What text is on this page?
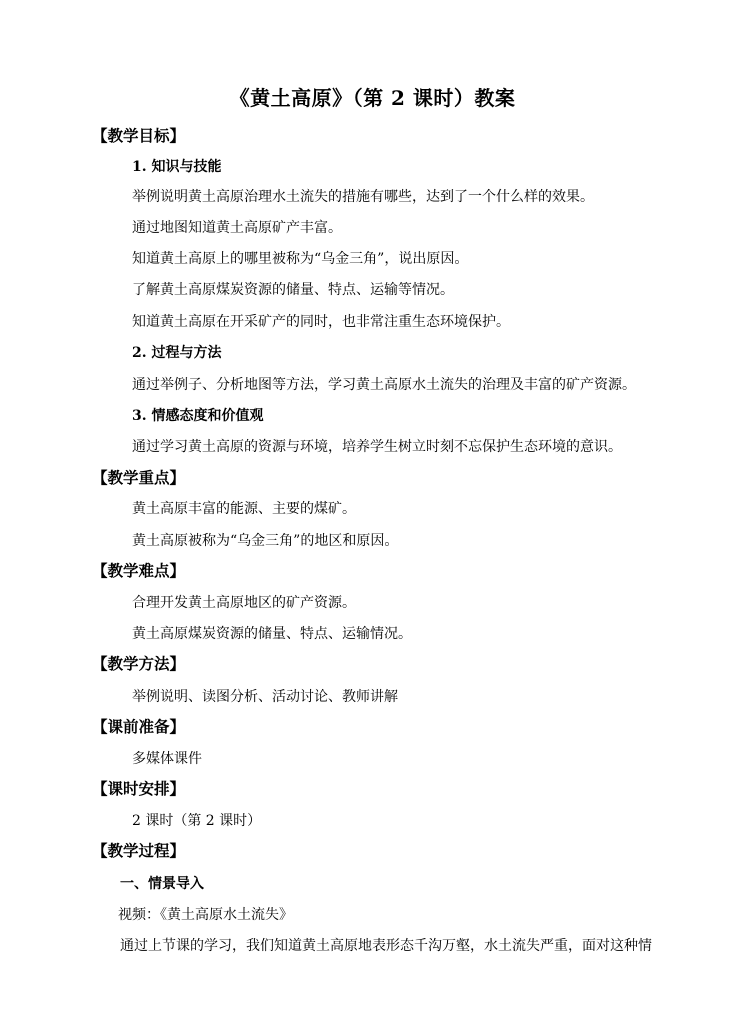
《黄土高原》（第 2 课时）教案

【教学目标】

1. 知识与技能

举例说明黄土高原治理水土流失的措施有哪些，达到了一个什么样的效果。

通过地图知道黄土高原矿产丰富。

知道黄土高原上的哪里被称为“乌金三角”，说出原因。

了解黄土高原煤炭资源的储量、特点、运输等情况。

知道黄土高原在开采矿产的同时，也非常注重生态环境保护。

2. 过程与方法

通过举例子、分析地图等方法，学习黄土高原水土流失的治理及丰富的矿产资源。

3. 情感态度和价值观

通过学习黄土高原的资源与环境，培养学生树立时刻不忘保护生态环境的意识。

【教学重点】

黄土高原丰富的能源、主要的煤矿。

黄土高原被称为“乌金三角”的地区和原因。

【教学难点】

合理开发黄土高原地区的矿产资源。

黄土高原煤炭资源的储量、特点、运输情况。

【教学方法】

举例说明、读图分析、活动讨论、教师讲解

【课前准备】

多媒体课件

【课时安排】

2 课时（第 2 课时）

【教学过程】

一、情景导入

视频：《黄土高原水土流失》

通过上节课的学习，我们知道黄土高原地表形态千沟万壑，水土流失严重，面对这种情
